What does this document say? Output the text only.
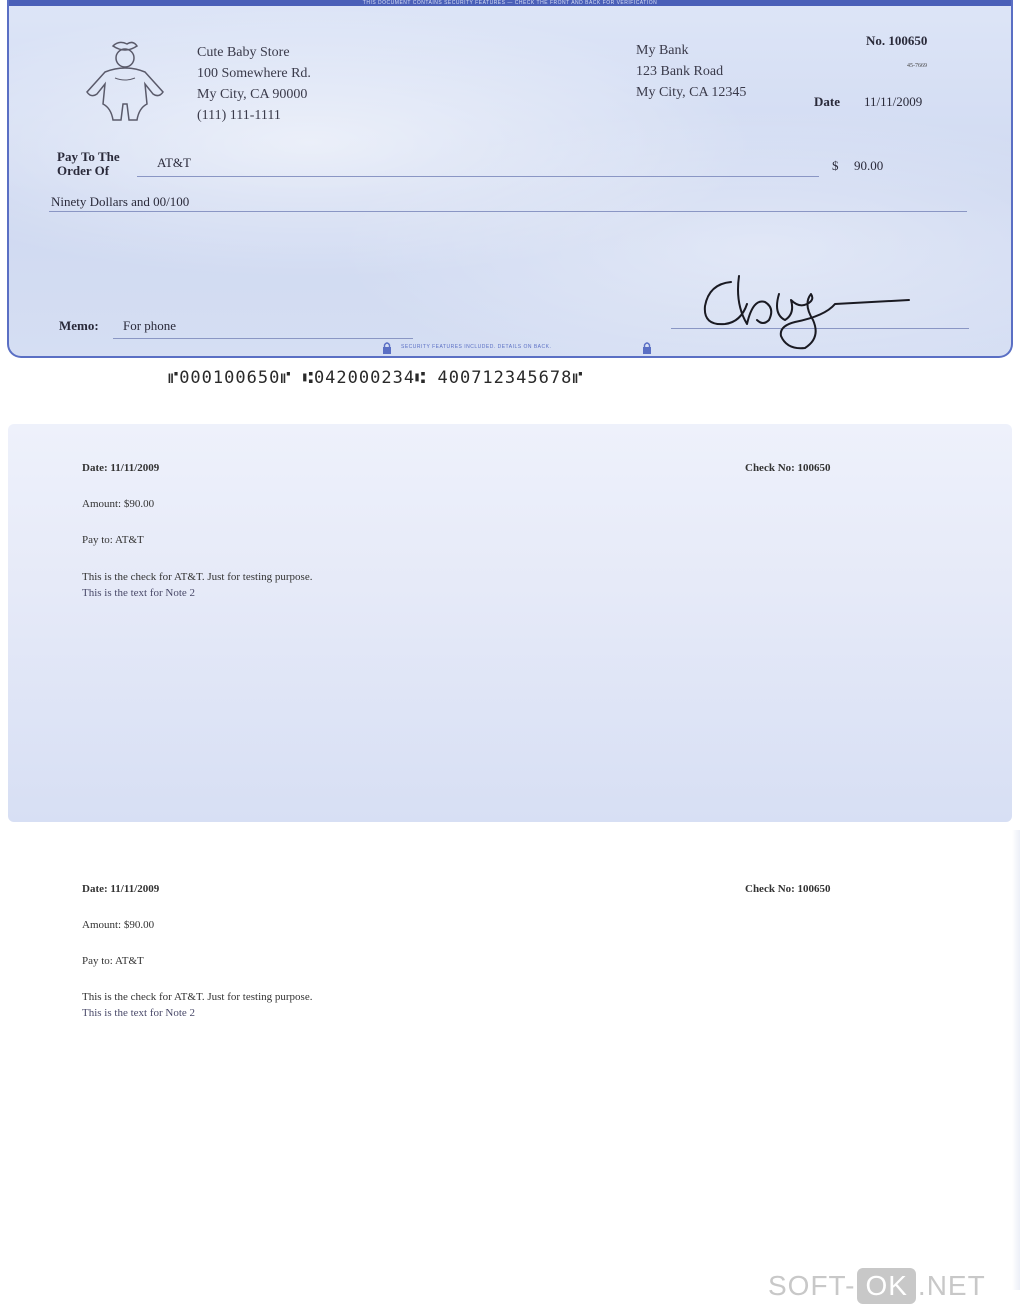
THIS DOCUMENT CONTAINS SECURITY FEATURES — CHECK THE FRONT AND BACK FOR VERIFICATION
Cute Baby Store
100 Somewhere Rd.
My City, CA 90000
(111) 111-1111
My Bank
123 Bank Road
My City, CA 12345
No. 100650
45-7669
Date 11/11/2009
Pay To The
Order Of
AT&T	$ 90.00
Ninety Dollars and 00/100
Memo: For phone
SECURITY FEATURES INCLUDED. DETAILS ON BACK.
⑈000100650⑈ ⑆042000234⑆ 400712345678⑈
Date: 11/11/2009	Check No: 100650
Amount: $90.00
Pay to: AT&T
This is the check for AT&T. Just for testing purpose.
This is the text for Note 2
Date: 11/11/2009	Check No: 100650
Amount: $90.00
Pay to: AT&T
This is the check for AT&T. Just for testing purpose.
This is the text for Note 2
SOFT- OK .NET
